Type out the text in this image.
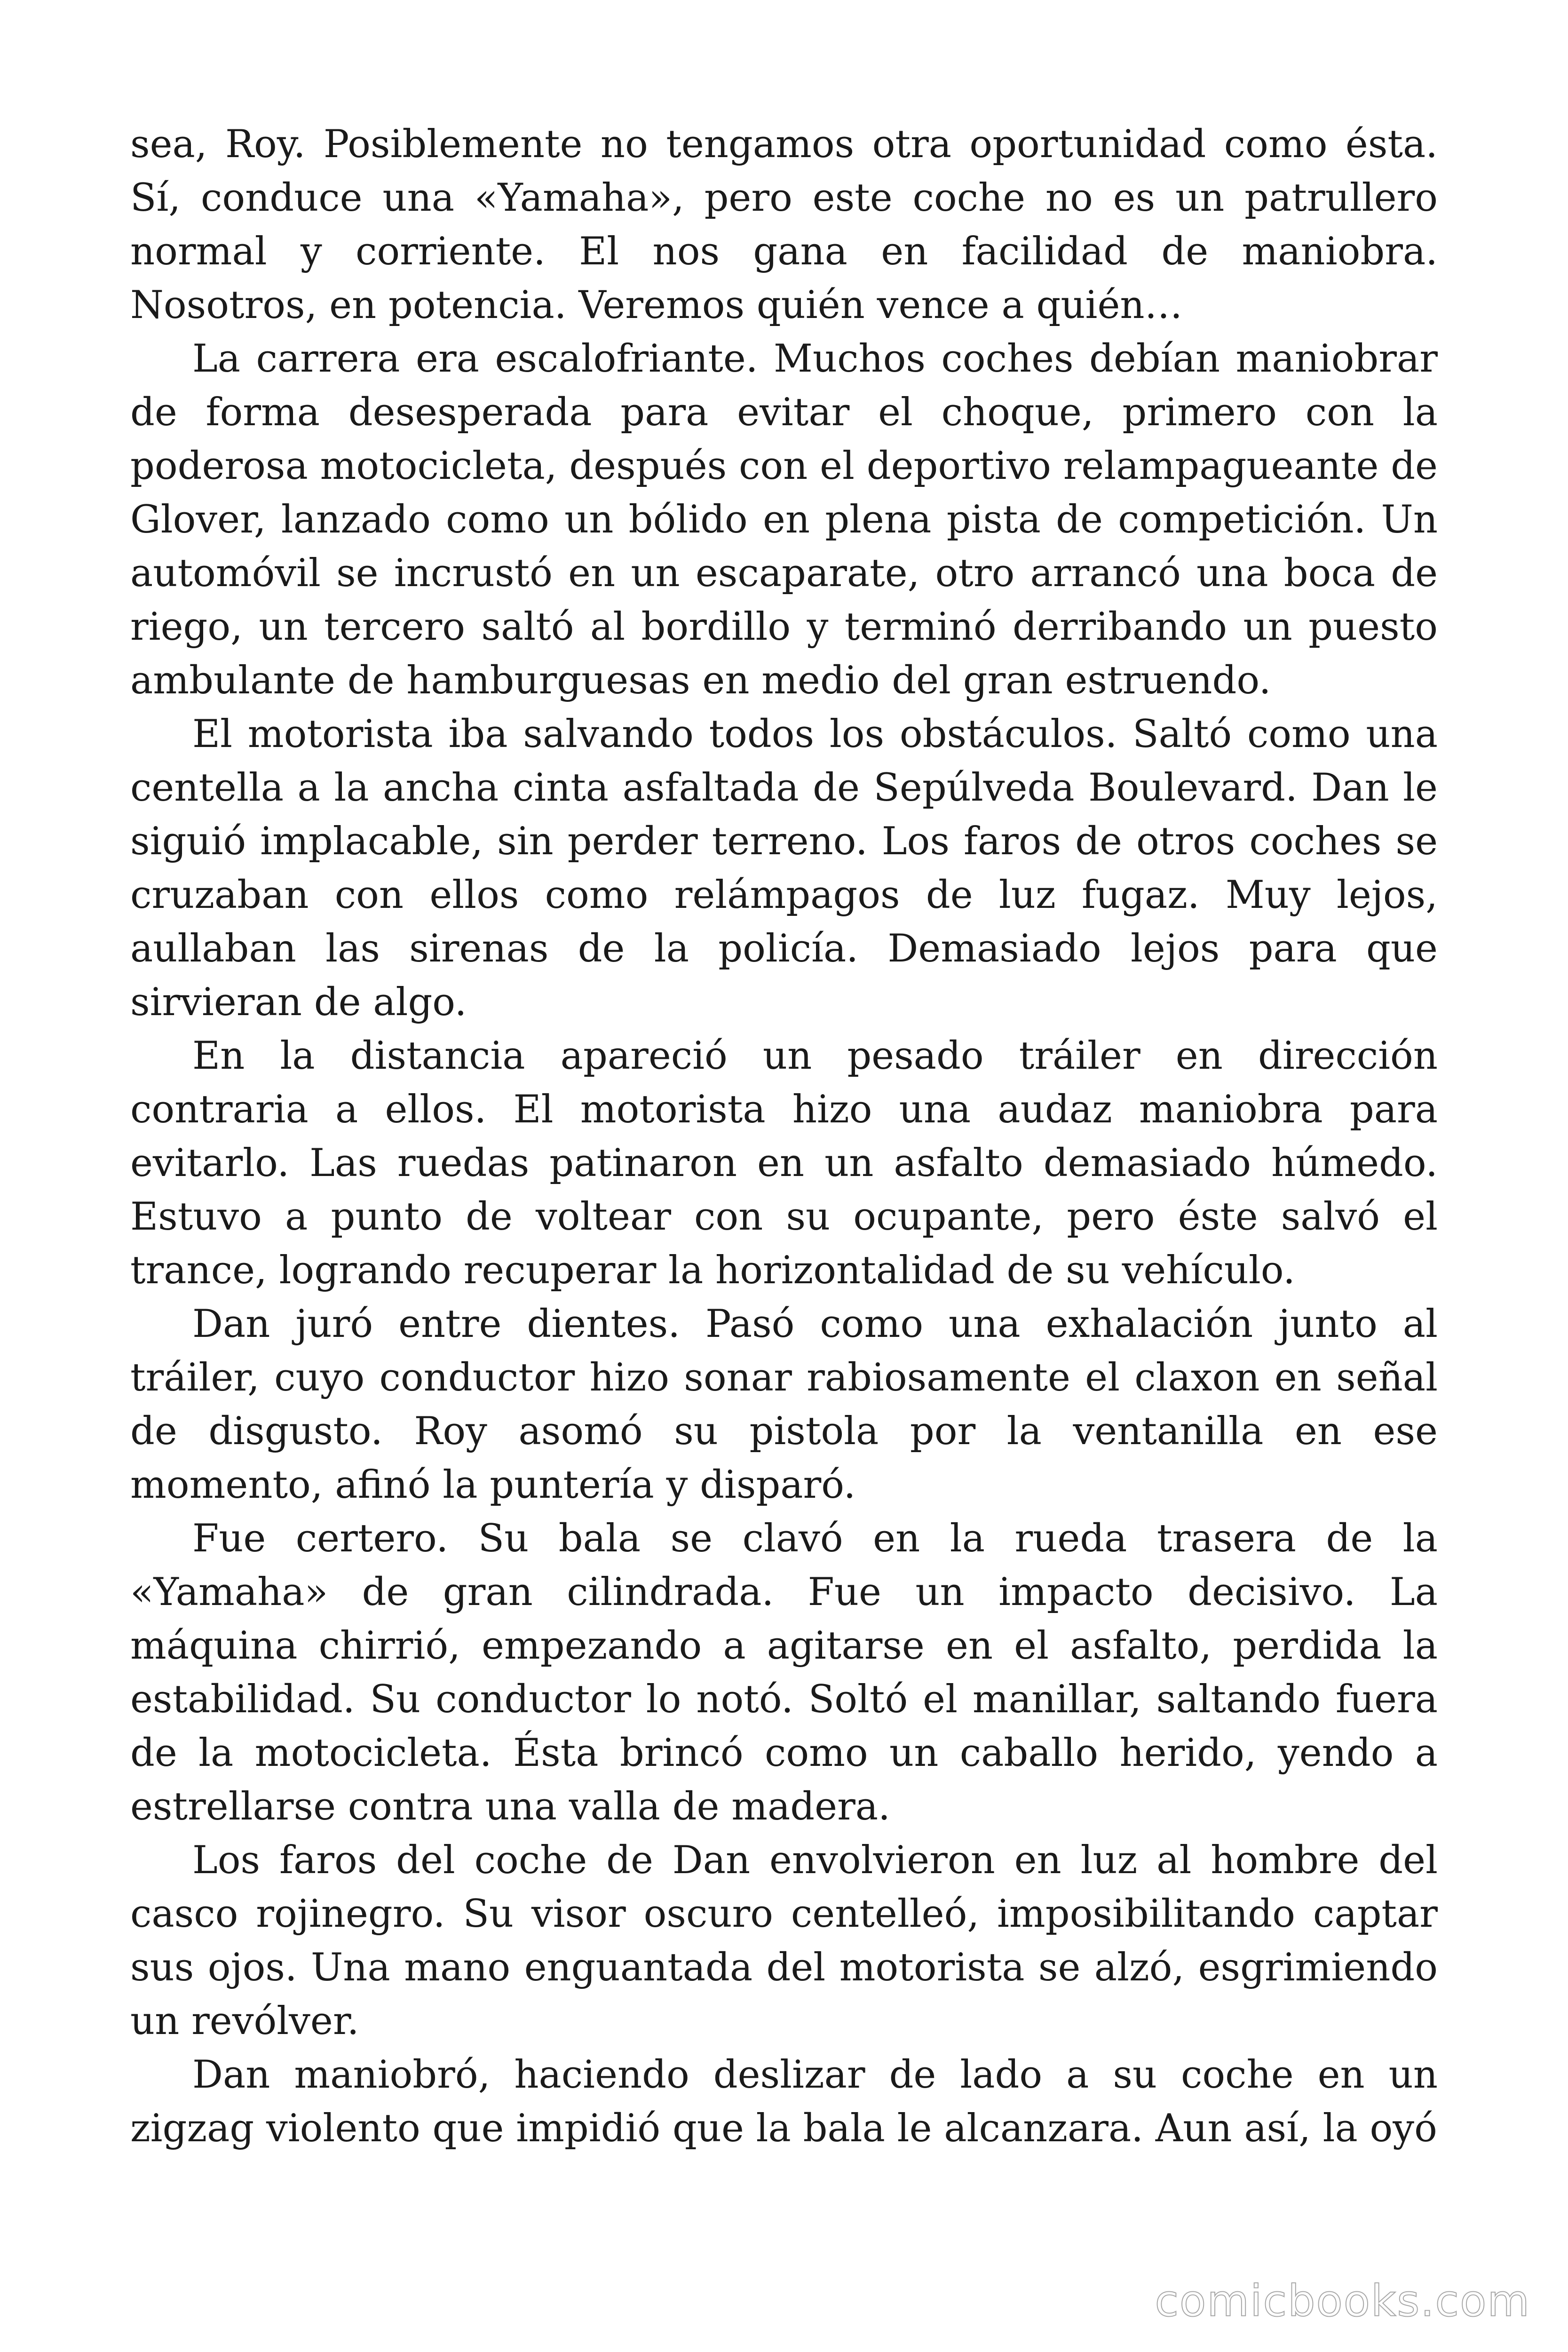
sea, Roy. Posiblemente no tengamos otra oportunidad como ésta. Sí, conduce una «Yamaha», pero este coche no es un patrullero normal y corriente. El nos gana en facilidad de maniobra. Nosotros, en potencia. Veremos quién vence a quién…

La carrera era escalofriante. Muchos coches debían maniobrar de forma desesperada para evitar el choque, primero con la poderosa motocicleta, después con el deportivo relampagueante de Glover, lanzado como un bólido en plena pista de competición. Un automóvil se incrustó en un escaparate, otro arrancó una boca de riego, un tercero saltó al bordillo y terminó derribando un puesto ambulante de hamburguesas en medio del gran estruendo.

El motorista iba salvando todos los obstáculos. Saltó como una centella a la ancha cinta asfaltada de Sepúlveda Boulevard. Dan le siguió implacable, sin perder terreno. Los faros de otros coches se cruzaban con ellos como relámpagos de luz fugaz. Muy lejos, aullaban las sirenas de la policía. Demasiado lejos para que sirvieran de algo.

En la distancia apareció un pesado tráiler en dirección contraria a ellos. El motorista hizo una audaz maniobra para evitarlo. Las ruedas patinaron en un asfalto demasiado húmedo. Estuvo a punto de voltear con su ocupante, pero éste salvó el trance, logrando recuperar la horizontalidad de su vehículo.

Dan juró entre dientes. Pasó como una exhalación junto al tráiler, cuyo conductor hizo sonar rabiosamente el claxon en señal de disgusto. Roy asomó su pistola por la ventanilla en ese momento, afinó la puntería y disparó.

Fue certero. Su bala se clavó en la rueda trasera de la «Yamaha» de gran cilindrada. Fue un impacto decisivo. La máquina chirrió, empezando a agitarse en el asfalto, perdida la estabilidad. Su conductor lo notó. Soltó el manillar, saltando fuera de la motocicleta. Ésta brincó como un caballo herido, yendo a estrellarse contra una valla de madera.

Los faros del coche de Dan envolvieron en luz al hombre del casco rojinegro. Su visor oscuro centelleó, imposibilitando captar sus ojos. Una mano enguantada del motorista se alzó, esgrimiendo un revólver.

Dan maniobró, haciendo deslizar de lado a su coche en un zigzag violento que impidió que la bala le alcanzara. Aun así, la oyó

comicbooks.com
